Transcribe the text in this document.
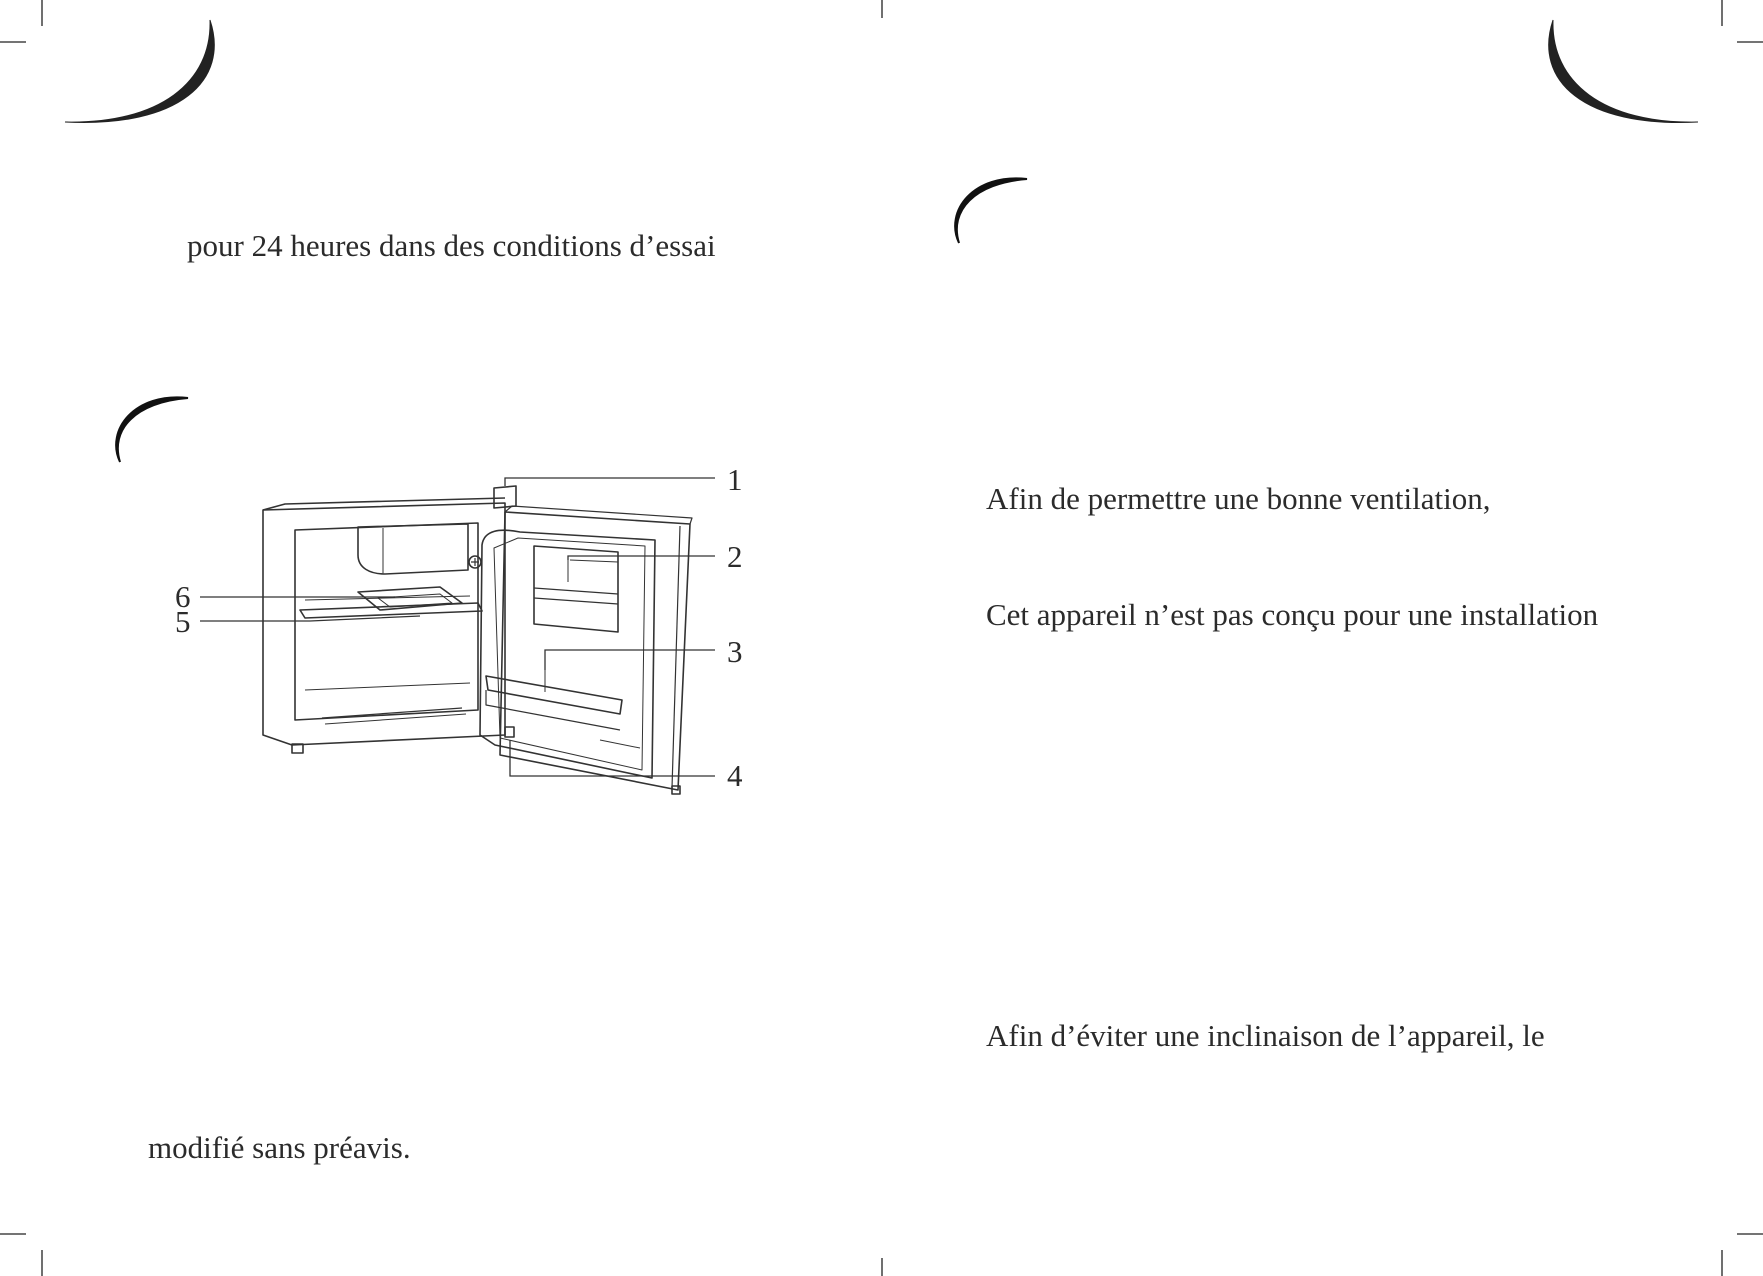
pour 24 heures dans des conditions d’essai

modifié sans préavis.

Afin de permettre une bonne ventilation,

Cet appareil n’est pas conçu pour une installation

Afin d’éviter une inclinaison de l’appareil, le

1
2
3
4
5
6
